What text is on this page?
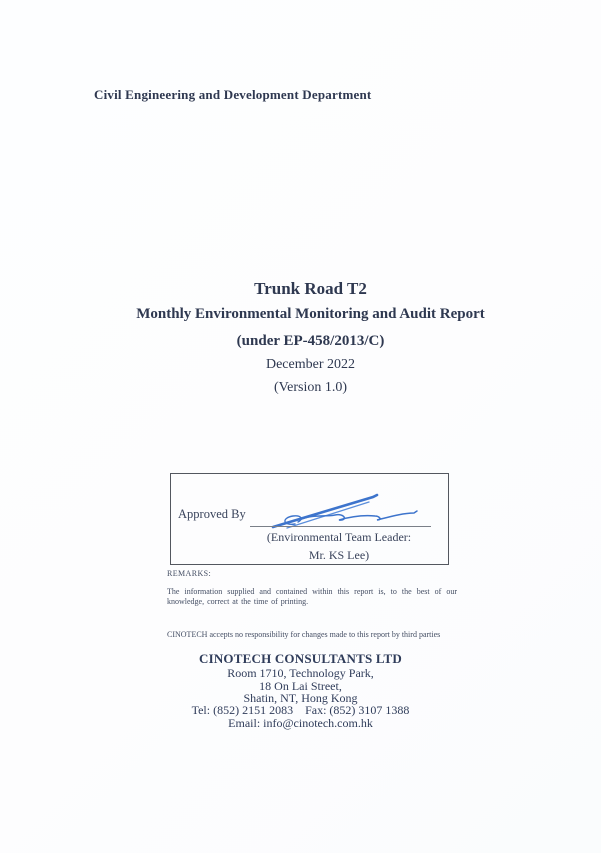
Civil Engineering and Development Department
Trunk Road T2
Monthly Environmental Monitoring and Audit Report
(under EP-458/2013/C)
December 2022
(Version 1.0)
Approved By
(Environmental Team Leader:
Mr. KS Lee)
REMARKS:

The information supplied and contained within this report is, to the best of our knowledge, correct at the time of printing.

CINOTECH accepts no responsibility for changes made to this report by third parties

CINOTECH CONSULTANTS LTD
Room 1710, Technology Park,
18 On Lai Street,
Shatin, NT, Hong Kong
Tel: (852) 2151 2083 Fax: (852) 3107 1388
Email: info@cinotech.com.hk
